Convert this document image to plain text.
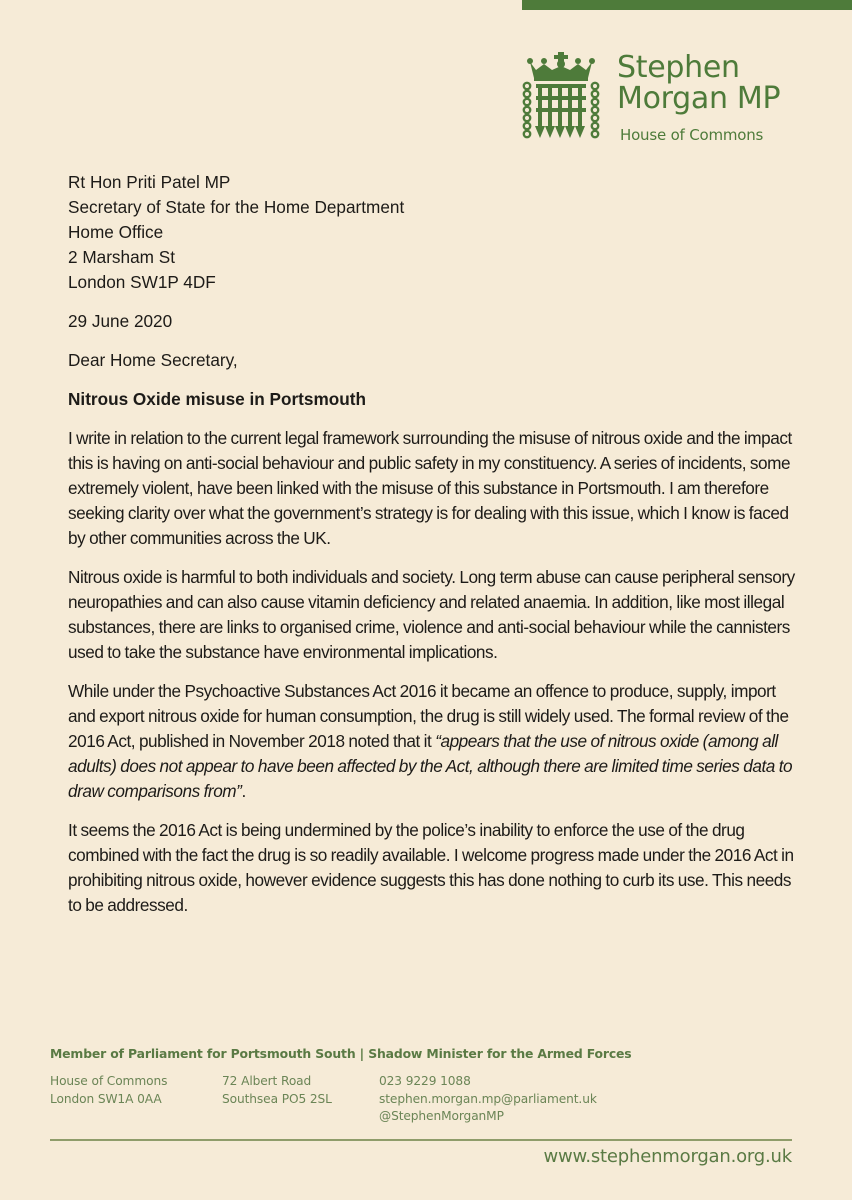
Stephen
Morgan MP
House of Commons
Rt Hon Priti Patel MP
Secretary of State for the Home Department
Home Office
2 Marsham St
London SW1P 4DF
29 June 2020
Dear Home Secretary,
Nitrous Oxide misuse in Portsmouth

I write in relation to the current legal framework surrounding the misuse of nitrous oxide and the impact this is having on anti-social behaviour and public safety in my constituency. A series of incidents, some extremely violent, have been linked with the misuse of this substance in Portsmouth. I am therefore seeking clarity over what the government’s strategy is for dealing with this issue, which I know is faced by other communities across the UK.

Nitrous oxide is harmful to both individuals and society. Long term abuse can cause peripheral sensory neuropathies and can also cause vitamin deficiency and related anaemia. In addition, like most illegal substances, there are links to organised crime, violence and anti-social behaviour while the cannisters used to take the substance have environmental implications.

While under the Psychoactive Substances Act 2016 it became an offence to produce, supply, import and export nitrous oxide for human consumption, the drug is still widely used. The formal review of the 2016 Act, published in November 2018 noted that it “appears that the use of nitrous oxide (among all adults) does not appear to have been affected by the Act, although there are limited time series data to draw comparisons from”.

It seems the 2016 Act is being undermined by the police’s inability to enforce the use of the drug combined with the fact the drug is so readily available. I welcome progress made under the 2016 Act in prohibiting nitrous oxide, however evidence suggests this has done nothing to curb its use. This needs to be addressed.

Member of Parliament for Portsmouth South | Shadow Minister for the Armed Forces
House of Commons
London SW1A 0AA
72 Albert Road
Southsea PO5 2SL
023 9229 1088
stephen.morgan.mp@parliament.uk
@StephenMorganMP
www.stephenmorgan.org.uk
